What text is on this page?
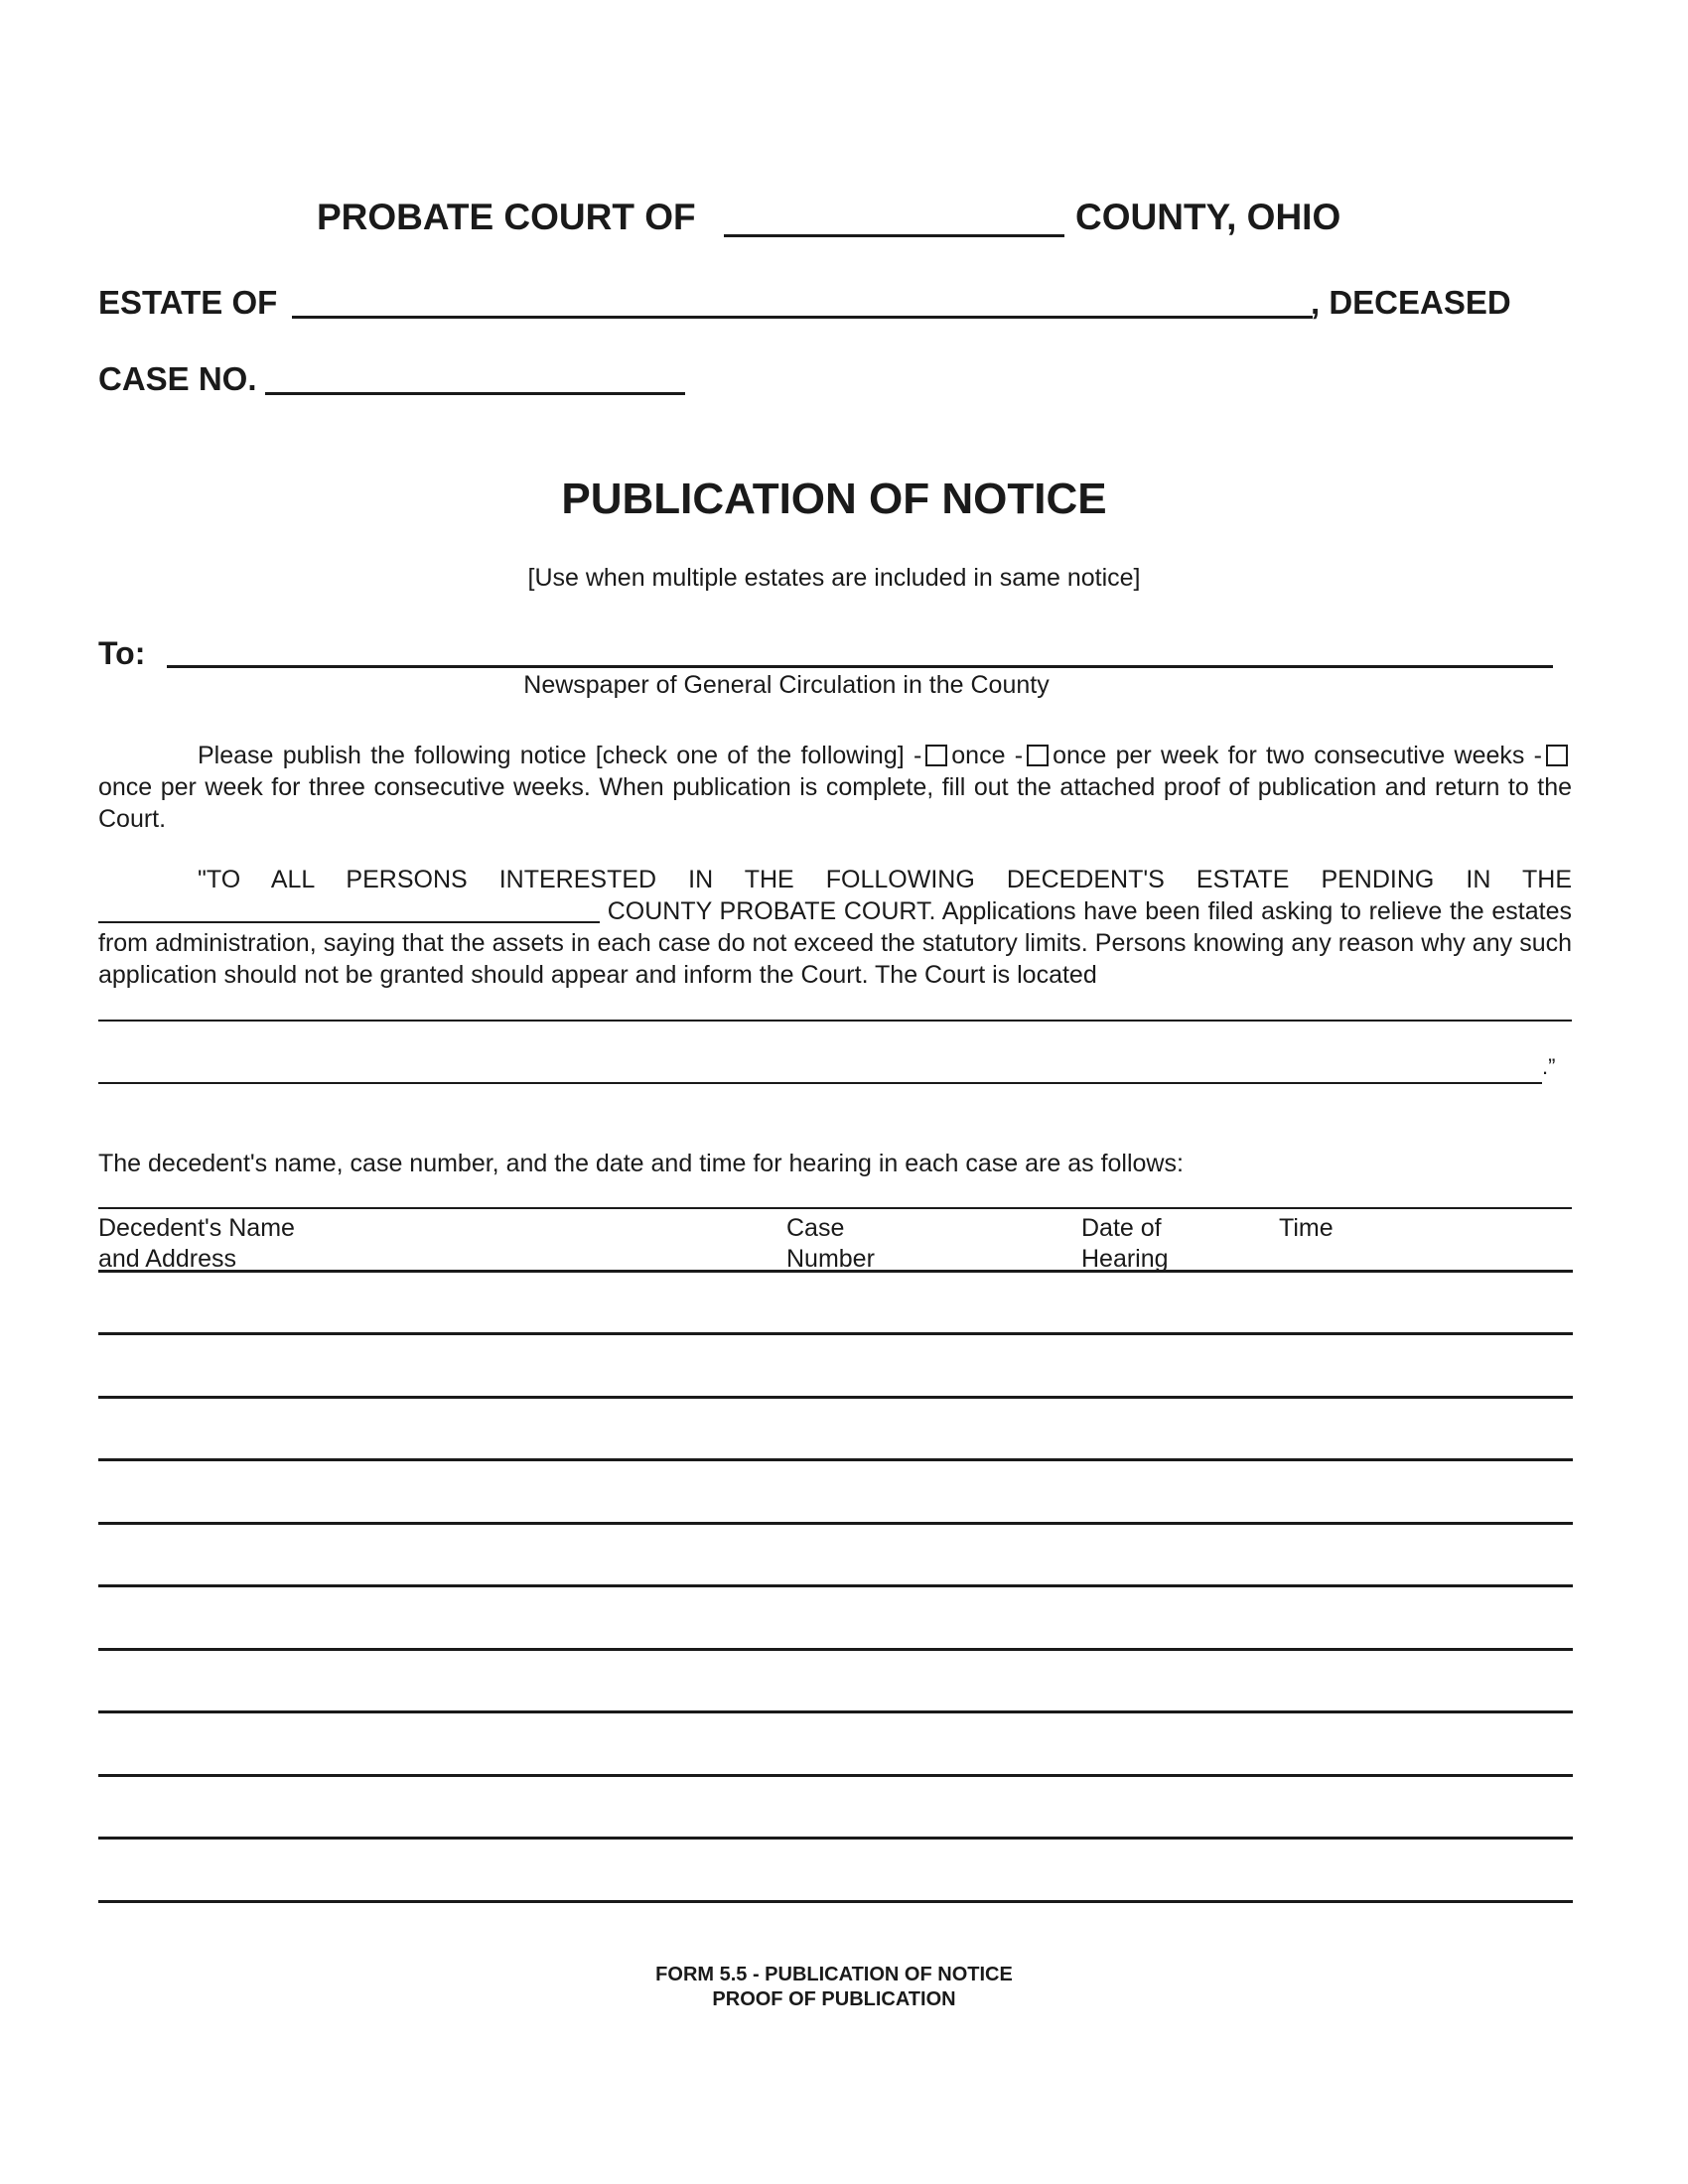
PROBATE COURT OF	COUNTY, OHIO
ESTATE OF	, DECEASED
CASE NO.
PUBLICATION OF NOTICE
[Use when multiple estates are included in same notice]
To:
Newspaper of General Circulation in the County
Please publish the following notice [check one of the following] - once - once per week for two consecutive weeks -once per week for three consecutive weeks. When publication is complete, fill out the attached proof of publication and return to the Court.
"TO ALL PERSONS INTERESTED IN THE FOLLOWING DECEDENT'S ESTATE PENDING IN THE
COUNTY PROBATE COURT. Applications have been filed asking to relieve the estates from administration, saying that the assets in each case do not exceed the statutory limits. Persons knowing any reason why any such application should not be granted should appear and inform the Court. The Court is located
.”
The decedent's name, case number, and the date and time for hearing in each case are as follows:
Decedent's Name
and Address
Case
Number
Date of
Hearing
Time
FORM 5.5 - PUBLICATION OF NOTICE
PROOF OF PUBLICATION
